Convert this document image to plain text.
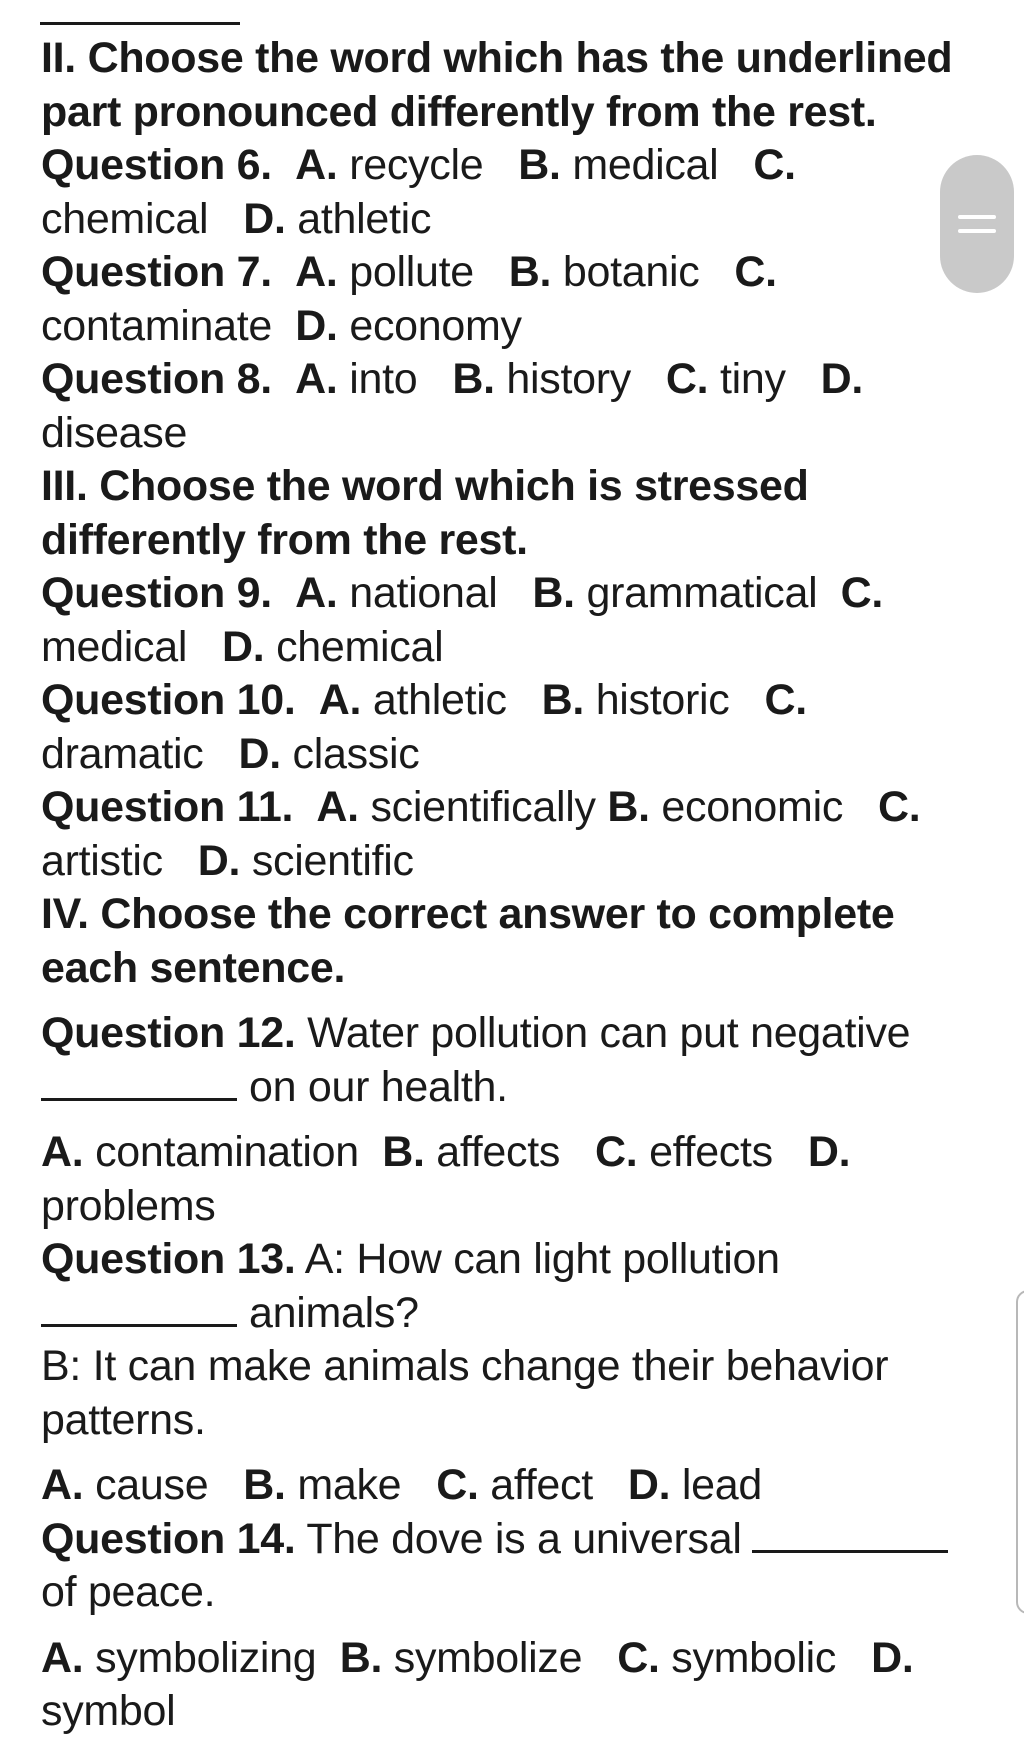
II. Choose the word which has the underlined
part pronounced differently from the rest.
Question 6. A. recycle B. medical C.
chemical D. athletic
Question 7. A. pollute B. botanic C.
contaminate D. economy
Question 8. A. into B. history C. tiny D.
disease
III. Choose the word which is stressed
differently from the rest.
Question 9. A. national B. grammatical C.
medical D. chemical
Question 10. A. athletic B. historic C.
dramatic D. classic
Question 11. A. scientifically B. economic C.
artistic D. scientific
IV. Choose the correct answer to complete
each sentence.
Question 12. Water pollution can put negative
on our health.
A. contamination B. affects C. effects D.
problems
Question 13. A: How can light pollution
animals?
B: It can make animals change their behavior
patterns.
A. cause B. make C. affect D. lead
Question 14. The dove is a universal
of peace.
A. symbolizing B. symbolize C. symbolic D.
symbol
